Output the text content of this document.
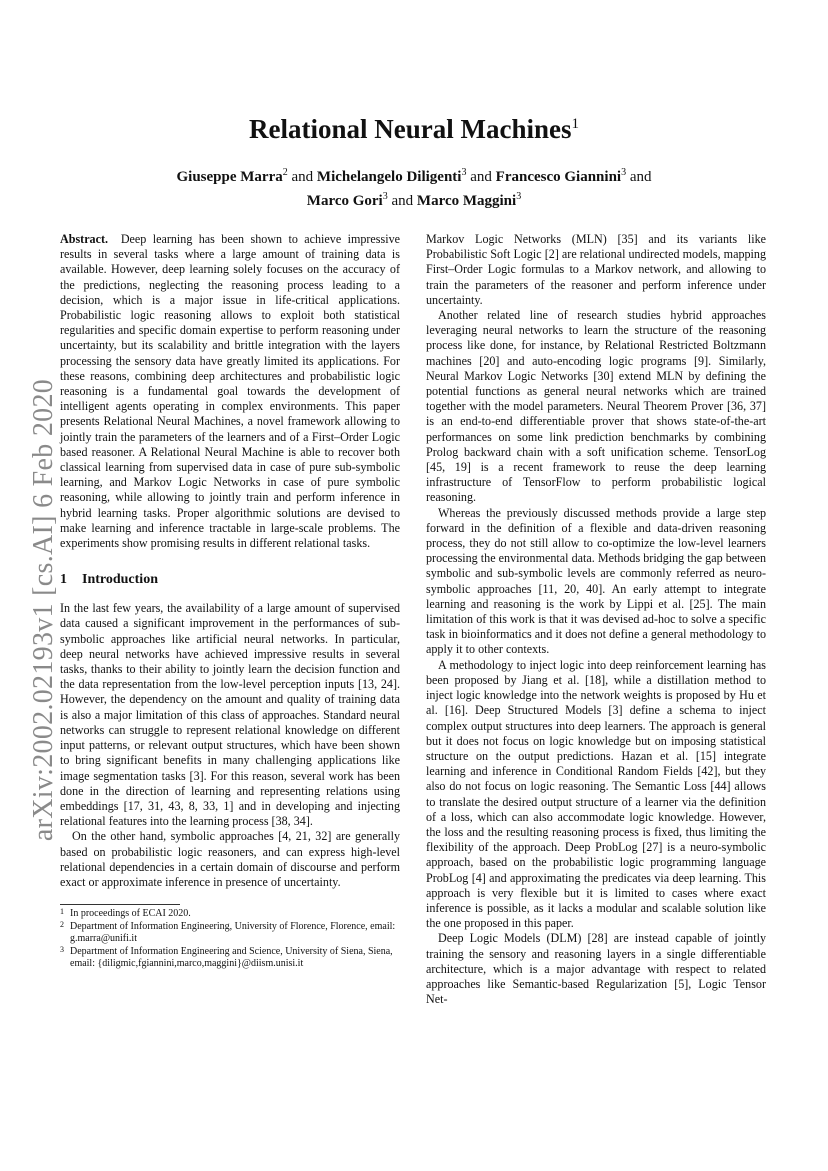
arXiv:2002.02193v1 [cs.AI] 6 Feb 2020
Relational Neural Machines$^1$
Giuseppe Marra$^2$ and Michelangelo Diligenti$^3$ and Francesco Giannini$^3$ and
Marco Gori$^3$ and Marco Maggini$^3$

Abstract. Deep learning has been shown to achieve impressive results in several tasks where a large amount of training data is available. However, deep learning solely focuses on the accuracy of the predictions, neglecting the reasoning process leading to a decision, which is a major issue in life-critical applications. Probabilistic logic reasoning allows to exploit both statistical regularities and specific domain expertise to perform reasoning under uncertainty, but its scalability and brittle integration with the layers processing the sensory data have greatly limited its applications. For these reasons, combining deep architectures and probabilistic logic reasoning is a fundamental goal towards the development of intelligent agents operating in complex environments. This paper presents Relational Neural Machines, a novel framework allowing to jointly train the parameters of the learners and of a First–Order Logic based reasoner. A Relational Neural Machine is able to recover both classical learning from supervised data in case of pure sub-symbolic learning, and Markov Logic Networks in case of pure symbolic reasoning, while allowing to jointly train and perform inference in hybrid learning tasks. Proper algorithmic solutions are devised to make learning and inference tractable in large-scale problems. The experiments show promising results in different relational tasks.

1 Introduction

In the last few years, the availability of a large amount of supervised data caused a significant improvement in the performances of sub-symbolic approaches like artificial neural networks. In particular, deep neural networks have achieved impressive results in several tasks, thanks to their ability to jointly learn the decision function and the data representation from the low-level perception inputs [13, 24]. However, the dependency on the amount and quality of training data is also a major limitation of this class of approaches. Standard neural networks can struggle to represent relational knowledge on different input patterns, or relevant output structures, which have been shown to bring significant benefits in many challenging applications like image segmentation tasks [3]. For this reason, several work has been done in the direction of learning and representing relations using embeddings [17, 31, 43, 8, 33, 1] and in developing and injecting relational features into the learning process [38, 34].

On the other hand, symbolic approaches [4, 21, 32] are generally based on probabilistic logic reasoners, and can express high-level relational dependencies in a certain domain of discourse and perform exact or approximate inference in presence of uncertainty.

Markov Logic Networks (MLN) [35] and its variants like Probabilistic Soft Logic [2] are relational undirected models, mapping First–Order Logic formulas to a Markov network, and allowing to train the parameters of the reasoner and perform inference under uncertainty.

Another related line of research studies hybrid approaches leveraging neural networks to learn the structure of the reasoning process like done, for instance, by Relational Restricted Boltzmann machines [20] and auto-encoding logic programs [9]. Similarly, Neural Markov Logic Networks [30] extend MLN by defining the potential functions as general neural networks which are trained together with the model parameters. Neural Theorem Prover [36, 37] is an end-to-end differentiable prover that shows state-of-the-art performances on some link prediction benchmarks by combining Prolog backward chain with a soft unification scheme. TensorLog [45, 19] is a recent framework to reuse the deep learning infrastructure of TensorFlow to perform probabilistic logical reasoning.

Whereas the previously discussed methods provide a large step forward in the definition of a flexible and data-driven reasoning process, they do not still allow to co-optimize the low-level learners processing the environmental data. Methods bridging the gap between symbolic and sub-symbolic levels are commonly referred as neuro-symbolic approaches [11, 20, 40]. An early attempt to integrate learning and reasoning is the work by Lippi et al. [25]. The main limitation of this work is that it was devised ad-hoc to solve a specific task in bioinformatics and it does not define a general methodology to apply it to other contexts.

A methodology to inject logic into deep reinforcement learning has been proposed by Jiang et al. [18], while a distillation method to inject logic knowledge into the network weights is proposed by Hu et al. [16]. Deep Structured Models [3] define a schema to inject complex output structures into deep learners. The approach is general but it does not focus on logic knowledge but on imposing statistical structure on the output predictions. Hazan et al. [15] integrate learning and inference in Conditional Random Fields [42], but they also do not focus on logic reasoning. The Semantic Loss [44] allows to translate the desired output structure of a learner via the definition of a loss, which can also accommodate logic knowledge. However, the loss and the resulting reasoning process is fixed, thus limiting the flexibility of the approach. Deep ProbLog [27] is a neuro-symbolic approach, based on the probabilistic logic programming language ProbLog [4] and approximating the predicates via deep learning. This approach is very flexible but it is limited to cases where exact inference is possible, as it lacks a modular and scalable solution like the one proposed in this paper.

Deep Logic Models (DLM) [28] are instead capable of jointly training the sensory and reasoning layers in a single differentiable architecture, which is a major advantage with respect to related approaches like Semantic-based Regularization [5], Logic Tensor Net-

1 In proceedings of ECAI 2020.
2 Department of Information Engineering, University of Florence, Florence, email: g.marra@unifi.it
3 Department of Information Engineering and Science, University of Siena, Siena, email: {diligmic,fgiannini,marco,maggini}@diism.unisi.it
